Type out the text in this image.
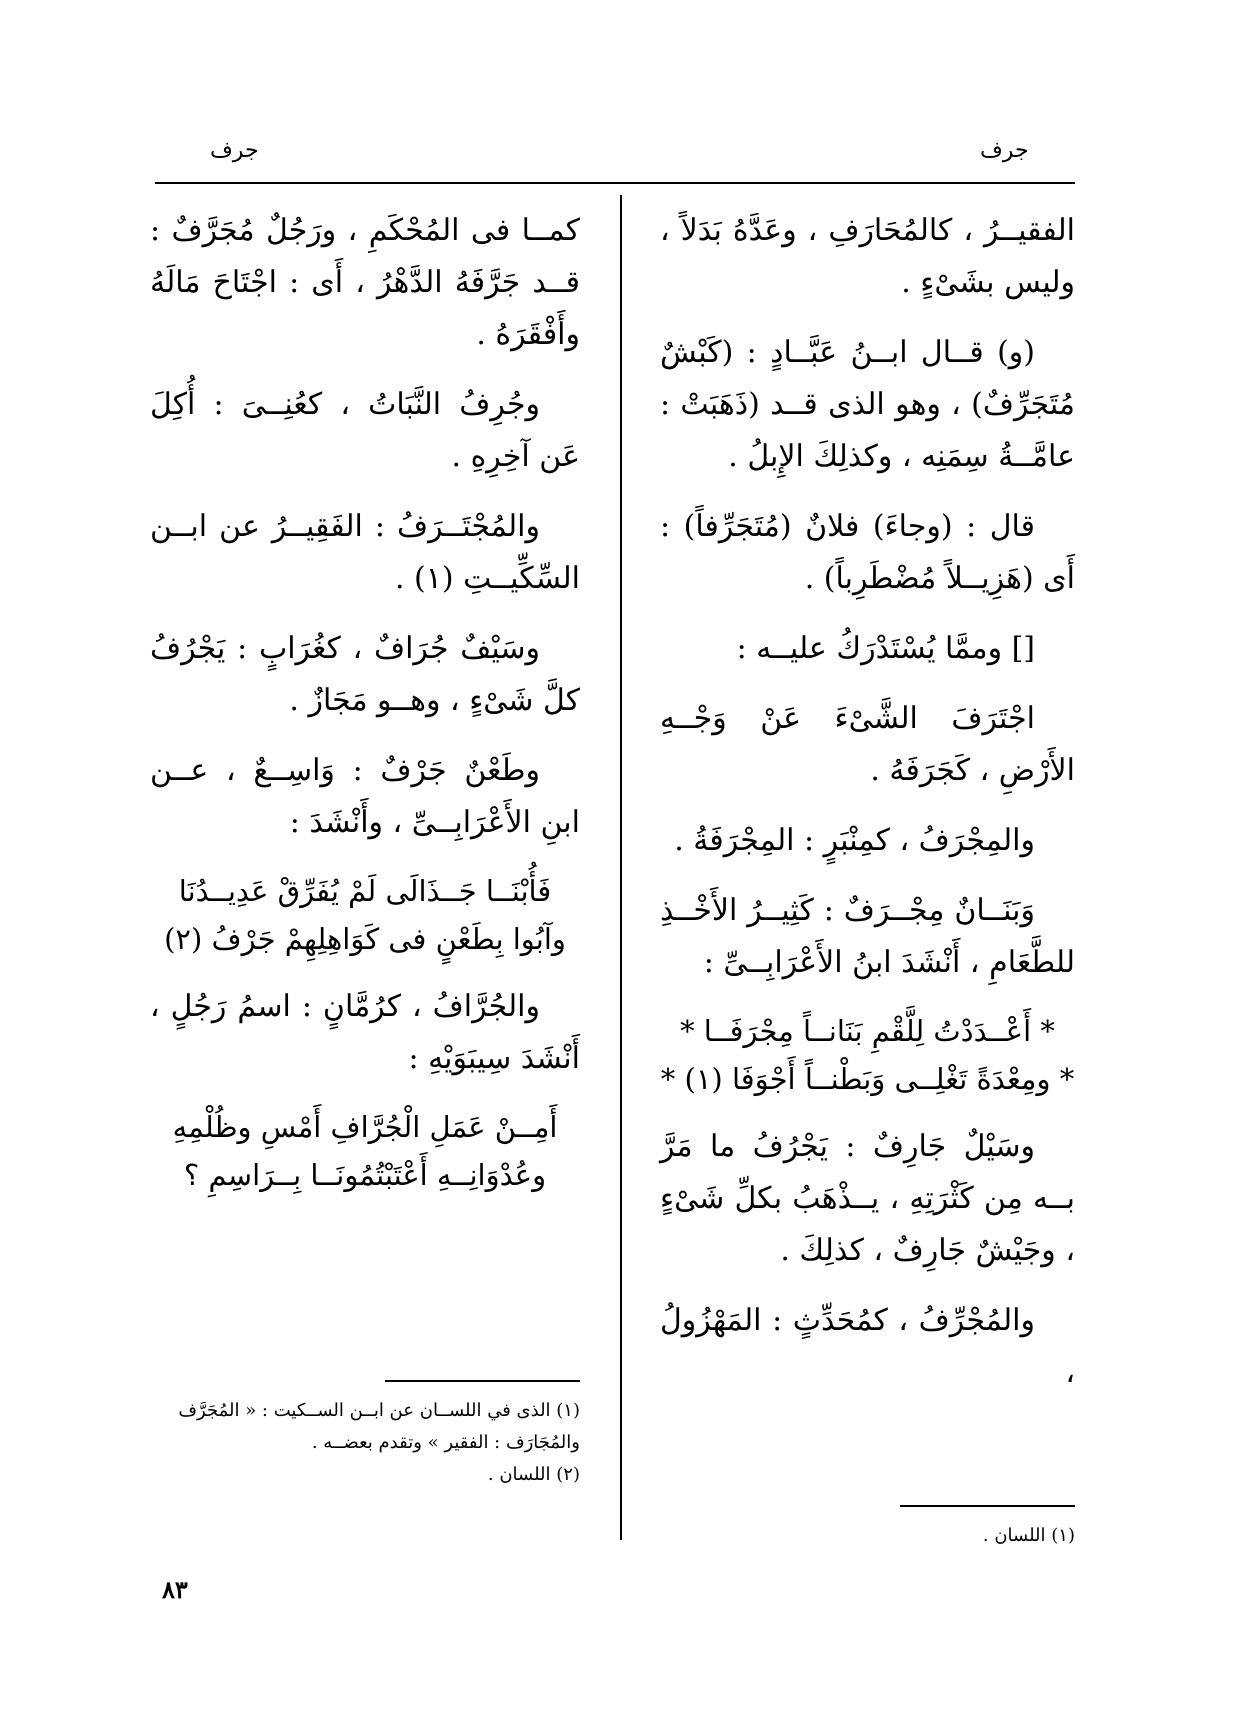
جرف	جرف

الفقيــرُ ، كالمُحَارَفِ ، وعَدَّهُ بَدَلاً ، وليس بشَىْءٍ .

(و) قــال ابــنُ عَبَّــادٍ : (كَبْشٌ مُتَجَرِّفٌ) ، وهو الذى قــد (ذَهَبَتْ : عامَّــةُ سِمَنِه ، وكذلِكَ الإِبلُ .

قال : (وجاءَ) فلانٌ (مُتَجَرِّفاً) : أَى (هَزِيــلاً مُضْطَرِباً) .

[] وممَّا يُسْتَدْرَكُ عليــه :

اجْتَرَفَ الشَّىْءَ عَنْ وَجْــهِ الأَرْضِ ، كَجَرَفَهُ .

والمِجْرَفُ ، كمِنْبَرٍ : المِجْرَفَةُ .

وَبَنَــانٌ مِجْــرَفٌ : كَثِيــرُ الأَخْــذِ للطَّعَامِ ، أَنْشَدَ ابنُ الأَعْرَابِــىِّ :

* أَعْــدَدْتُ لِلَّقْمِ بَنَانــاً مِجْرَفَــا *
* ومِعْدَةً تَغْلِــى وَبَطْنــاً أَجْوَفَا (١) *

وسَيْلٌ جَارِفٌ : يَجْرُفُ ما مَرَّ بــه مِن كَثْرَتِهِ ، يــذْهَبُ بكلِّ شَىْءٍ ، وجَيْشٌ جَارِفٌ ، كذلِكَ .

والمُجْرِّفُ ، كمُحَدِّثٍ : المَهْزُولُ ،

كمــا فى المُحْكَمِ ، ورَجُلٌ مُجَرَّفٌ : قــد جَرَّفَهُ الدَّهْرُ ، أَى : اجْتَاحَ مَالَهُ وأَفْقَرَهُ .

وجُرِفُ النَّبَاتُ ، كعُنِــىَ : أُكِلَ عَن آخِرِهِ .

والمُجْتَــرَفُ : الفَقِيــرُ عن ابــن السِّكِّيــتِ (١) .

وسَيْفٌ جُرَافٌ ، كغُرَابٍ : يَجْرُفُ كلَّ شَىْءٍ ، وهــو مَجَازٌ .

وطَعْنٌ جَرْفٌ : وَاسِــعٌ ، عــن ابنِ الأَعْرَابِــىِّ ، وأَنْشَدَ :

فَأُبْنَــا جَــذَالَى لَمْ يُفَرِّقْ عَدِيــدُنَا
وآبُوا بِطَعْنٍ فى كَوَاهِلِهِمْ جَرْفُ (٢)

والجُرَّافُ ، كرُمَّانٍ : اسمُ رَجُلٍ ، أَنْشَدَ سِيبَوَيْهِ :

أَمِــنْ عَمَلِ الْجُرَّافِ أَمْسِ وظُلْمِهِ
وعُدْوَانِــهِ أَعْتَبْتُمُونَــا بِــرَاسِمِ ؟

(١) الذى في اللســان عن ابــن الســكيت : « المُجَرَّف والمُجَارَف : الفقير » وتقدم بعضــه .

(٢) اللسان .

(١) اللسان .

٨٣
